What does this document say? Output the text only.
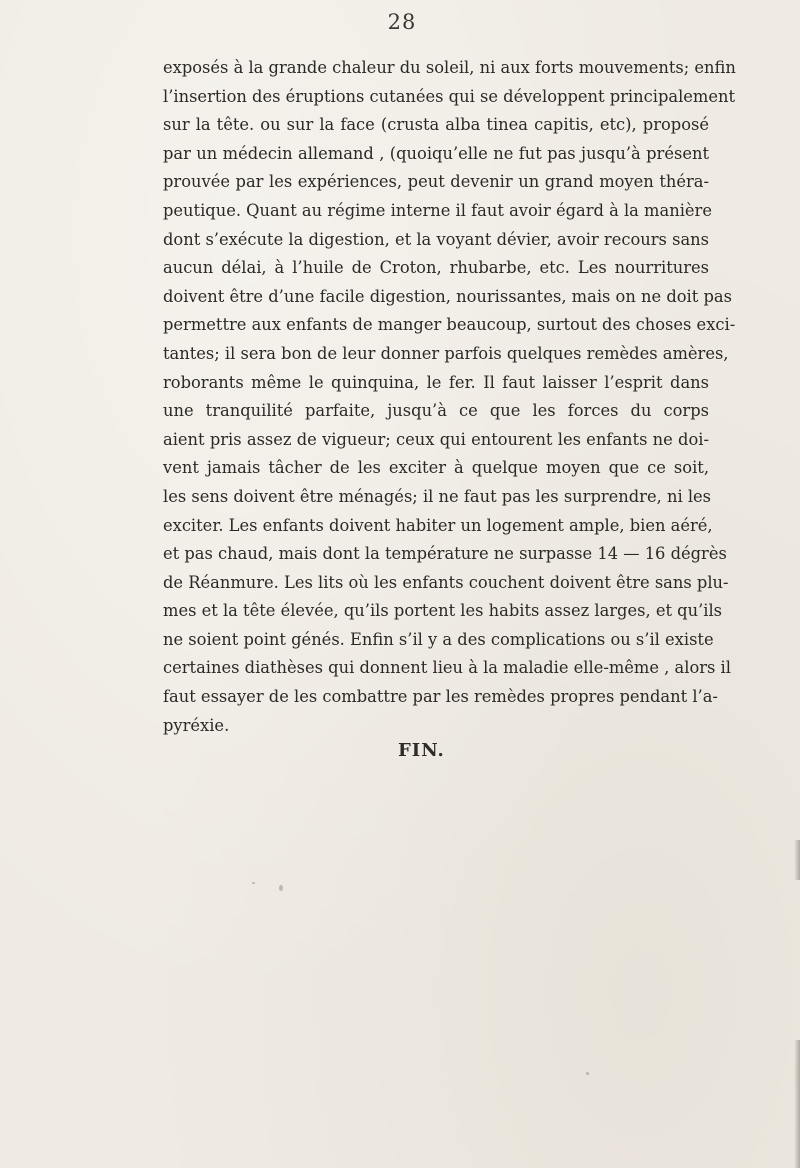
28
exposés à la grande chaleur du soleil, ni aux forts mouvements; enfin
l’insertion des éruptions cutanées qui se développent principalement
sur la tête. ou sur la face (crusta alba tinea capitis, etc), proposé
par un médecin allemand , (quoiqu’elle ne fut pas jusqu’à présent
prouvée par les expériences, peut devenir un grand moyen théra-
peutique. Quant au régime interne il faut avoir égard à la manière
dont s’exécute la digestion, et la voyant dévier, avoir recours sans
aucun délai, à l’huile de Croton, rhubarbe, etc. Les nourritures
doivent être d’une facile digestion, nourissantes, mais on ne doit pas
permettre aux enfants de manger beaucoup, surtout des choses exci-
tantes; il sera bon de leur donner parfois quelques remèdes amères,
roborants même le quinquina, le fer. Il faut laisser l’esprit dans
une tranquilité parfaite, jusqu’à ce que les forces du corps
aient pris assez de vigueur; ceux qui entourent les enfants ne doi-
vent jamais tâcher de les exciter à quelque moyen que ce soit,
les sens doivent être ménagés; il ne faut pas les surprendre, ni les
exciter. Les enfants doivent habiter un logement ample, bien aéré,
et pas chaud, mais dont la température ne surpasse 14 — 16 dégrès
de Réanmure. Les lits où les enfants couchent doivent être sans plu-
mes et la tête élevée, qu’ils portent les habits assez larges, et qu’ils
ne soient point génés. Enfin s’il y a des complications ou s’il existe
certaines diathèses qui donnent lieu à la maladie elle-même , alors il
faut essayer de les combattre par les remèdes propres pendant l’a-
pyréxie.
FIN.
